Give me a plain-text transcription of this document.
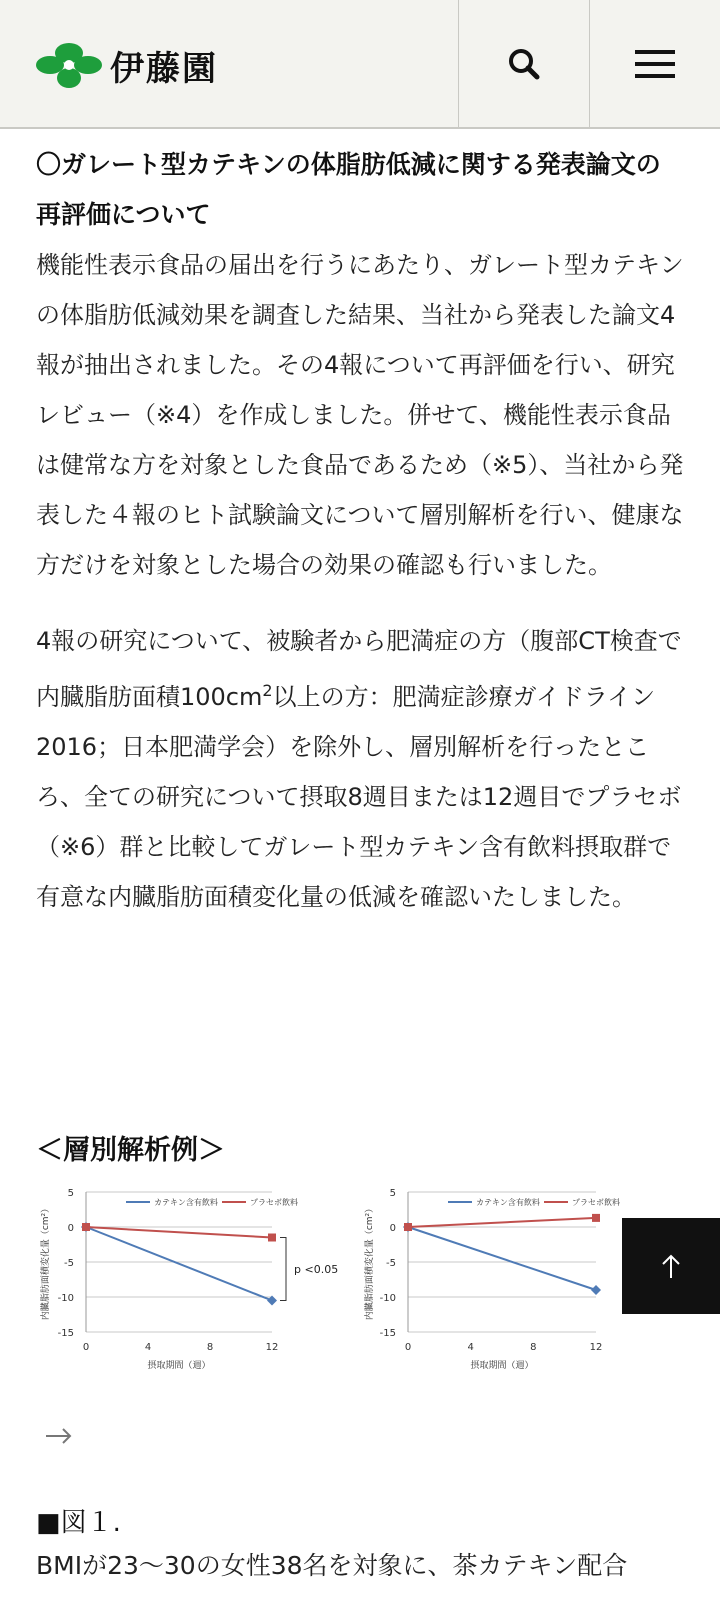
伊藤園

〇ガレート型カテキンの体脂肪低減に関する発表論文の再評価について

機能性表示食品の届出を行うにあたり、ガレート型カテキンの体脂肪低減効果を調査した結果、当社から発表した論文4報が抽出されました。その4報について再評価を行い、研究レビュー（※4）を作成しました。併せて、機能性表示食品は健常な方を対象とした食品であるため（※5）、当社から発表した４報のヒト試験論文について層別解析を行い、健康な方だけを対象とした場合の効果の確認も行いました。

4報の研究について、被験者から肥満症の方（腹部CT検査で内臓脂肪面積$100cm^2$以上の方：肥満症診療ガイドライン2016；日本肥満学会）を除外し、層別解析を行ったところ、全ての研究について摂取8週目または12週目でプラセボ（※6）群と比較してガレート型カテキン含有飲料摂取群で有意な内臓脂肪面積変化量の低減を確認いたしました。

＜層別解析例＞
5
0
-5
-10
-15
0	4	8	12
摂取期間（週）
内臓脂肪面積変化量（cm²）
カテキン含有飲料	プラセボ飲料
p <0.05
5
0
-5
-10
-15
0	4	8	12
摂取期間（週）
内臓脂肪面積変化量（cm²）
カテキン含有飲料	プラセボ飲料
■図１.
BMIが23～30の女性38名を対象に、茶カテキン配合
